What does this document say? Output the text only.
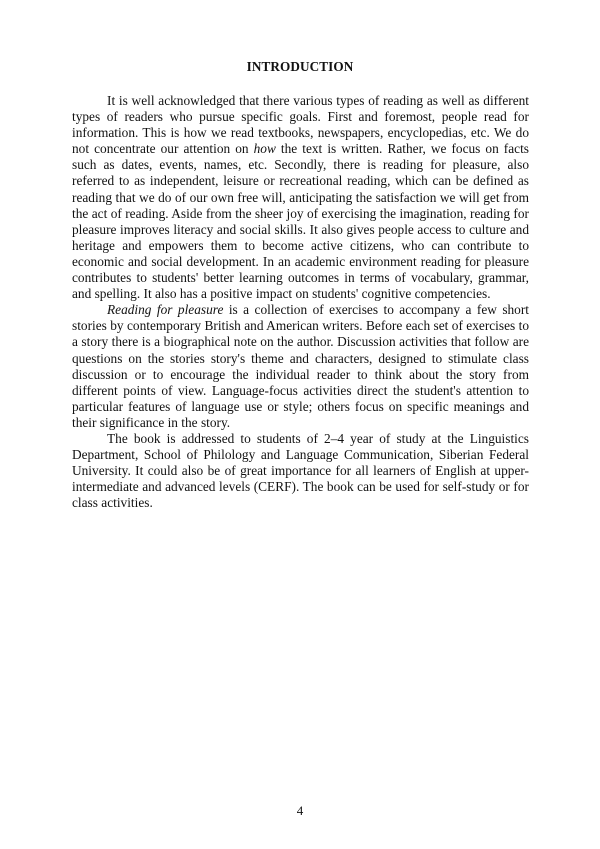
INTRODUCTION

It is well acknowledged that there various types of reading as well as different types of readers who pursue specific goals. First and foremost, people read for information. This is how we read textbooks, newspapers, encyclopedias, etc. We do not concentrate our attention on how the text is written. Rather, we focus on facts such as dates, events, names, etc. Secondly, there is reading for pleasure, also referred to as independent, leisure or recreational reading, which can be defined as reading that we do of our own free will, anticipating the satisfaction we will get from the act of reading. Aside from the sheer joy of exercising the imagination, reading for pleasure improves literacy and social skills. It also gives people access to culture and heritage and empowers them to become active citizens, who can contribute to economic and social development. In an academic environment reading for pleasure contributes to students' better learning outcomes in terms of vocabulary, grammar, and spelling. It also has a positive impact on students' cognitive competencies.

Reading for pleasure is a collection of exercises to accompany a few short stories by contemporary British and American writers. Before each set of exercises to a story there is a biographical note on the author. Discussion activities that follow are questions on the stories story's theme and characters, designed to stimulate class discussion or to encourage the individual reader to think about the story from different points of view. Language-focus activities direct the student's attention to particular features of language use or style; others focus on specific meanings and their significance in the story.

The book is addressed to students of 2–4 year of study at the Linguistics Department, School of Philology and Language Communication, Siberian Federal University. It could also be of great importance for all learners of English at upper-intermediate and advanced levels (CERF). The book can be used for self-study or for class activities.

4
